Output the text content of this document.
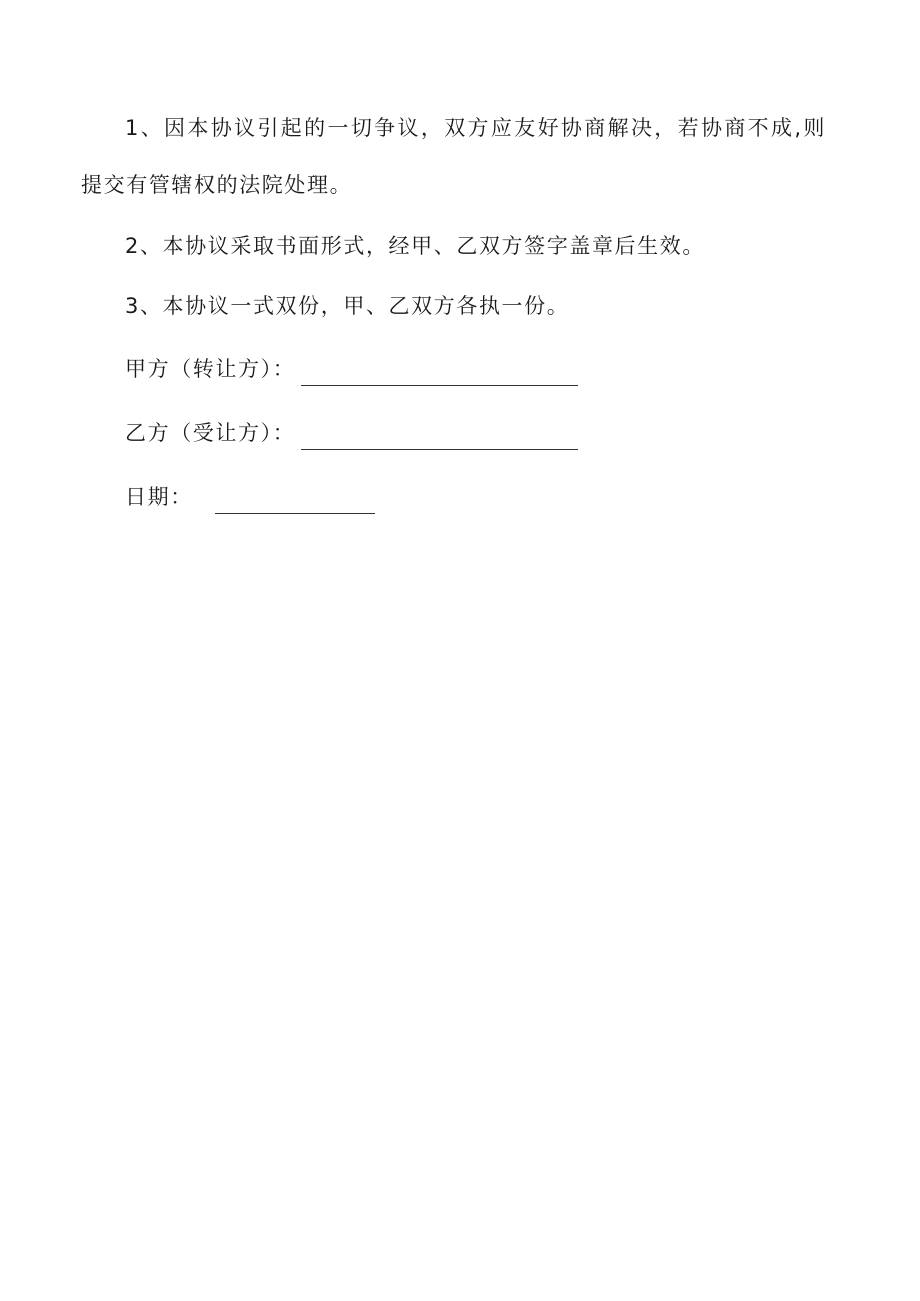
1、因本协议引起的一切争议，双方应友好协商解决，若协商不成,则提交有管辖权的法院处理。

2、本协议采取书面形式，经甲、乙双方签字盖章后生效。

3、本协议一式双份，甲、乙双方各执一份。

甲方（转让方）：
乙方（受让方）：
日期：
